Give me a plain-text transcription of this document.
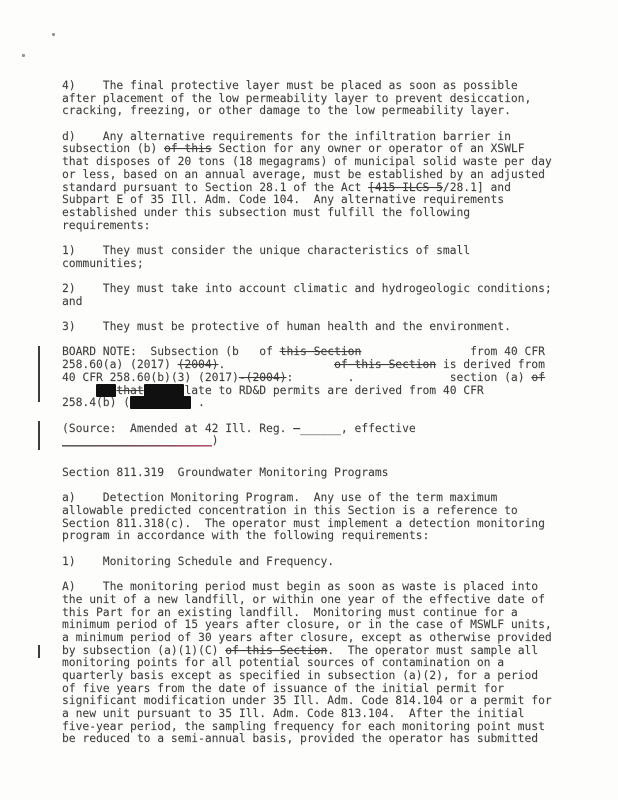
4)    The final protective layer must be placed as soon as possible
after placement of the low permeability layer to prevent desiccation,
cracking, freezing, or other damage to the low permeability layer.
d)    Any alternative requirements for the infiltration barrier in
subsection (b) of this Section for any owner or operator of an XSWLF
that disposes of 20 tons (18 megagrams) of municipal solid waste per day
or less, based on an annual average, must be established by an adjusted
standard pursuant to Section 28.1 of the Act [415 ILCS 5/28.1] and
Subpart E of 35 Ill. Adm. Code 104.  Any alternative requirements
established under this subsection must fulfill the following
requirements:
1)    They must consider the unique characteristics of small
communities;
2)    They must take into account climatic and hydrogeologic conditions;
and
3)    They must be protective of human health and the environment.
BOARD NOTE:  Subsection (b   of this Section                from 40 CFR
258.60(a) (2017) (2004).                of this Section is derived from
40 CFR 258.60(b)(3) (2017)-(2004):        .              section (a) of
that	late to RD&D permits are derived from 40 CFR
258.4(b) (	.
(Source:  Amended at 42 Ill. Reg. —______, effective
)
Section 811.319  Groundwater Monitoring Programs
a)    Detection Monitoring Program.  Any use of the term maximum
allowable predicted concentration in this Section is a reference to
Section 811.318(c).  The operator must implement a detection monitoring
program in accordance with the following requirements:
1)    Monitoring Schedule and Frequency.
A)    The monitoring period must begin as soon as waste is placed into
the unit of a new landfill, or within one year of the effective date of
this Part for an existing landfill.  Monitoring must continue for a
minimum period of 15 years after closure, or in the case of MSWLF units,
a minimum period of 30 years after closure, except as otherwise provided
by subsection (a)(1)(C) of this Section.  The operator must sample all
monitoring points for all potential sources of contamination on a
quarterly basis except as specified in subsection (a)(2), for a period
of five years from the date of issuance of the initial permit for
significant modification under 35 Ill. Adm. Code 814.104 or a permit for
a new unit pursuant to 35 Ill. Adm. Code 813.104.  After the initial
five-year period, the sampling frequency for each monitoring point must
be reduced to a semi-annual basis, provided the operator has submitted
